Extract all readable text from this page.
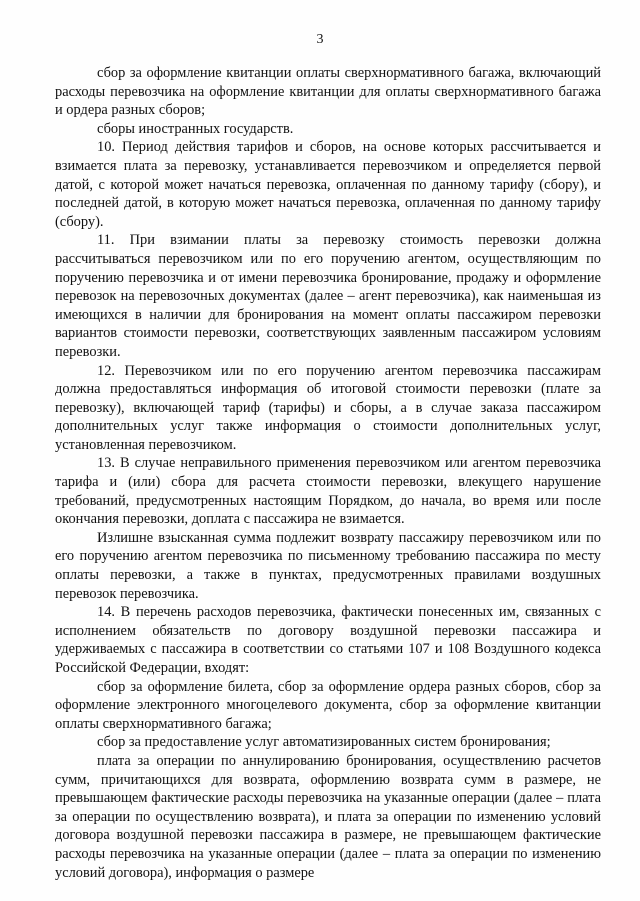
3

сбор за оформление квитанции оплаты сверхнормативного багажа, включающий расходы перевозчика на оформление квитанции для оплаты сверхнормативного багажа и ордера разных сборов;

сборы иностранных государств.

10. Период действия тарифов и сборов, на основе которых рассчитывается и взимается плата за перевозку, устанавливается перевозчиком и определяется первой датой, с которой может начаться перевозка, оплаченная по данному тарифу (сбору), и последней датой, в которую может начаться перевозка, оплаченная по данному тарифу (сбору).

11. При взимании платы за перевозку стоимость перевозки должна рассчитываться перевозчиком или по его поручению агентом, осуществляющим по поручению перевозчика и от имени перевозчика бронирование, продажу и оформление перевозок на перевозочных документах (далее – агент перевозчика), как наименьшая из имеющихся в наличии для бронирования на момент оплаты пассажиром перевозки вариантов стоимости перевозки, соответствующих заявленным пассажиром условиям перевозки.

12. Перевозчиком или по его поручению агентом перевозчика пассажирам должна предоставляться информация об итоговой стоимости перевозки (плате за перевозку), включающей тариф (тарифы) и сборы, а в случае заказа пассажиром дополнительных услуг также информация о стоимости дополнительных услуг, установленная перевозчиком.

13. В случае неправильного применения перевозчиком или агентом перевозчика тарифа и (или) сбора для расчета стоимости перевозки, влекущего нарушение требований, предусмотренных настоящим Порядком, до начала, во время или после окончания перевозки, доплата с пассажира не взимается.

Излишне взысканная сумма подлежит возврату пассажиру перевозчиком или по его поручению агентом перевозчика по письменному требованию пассажира по месту оплаты перевозки, а также в пунктах, предусмотренных правилами воздушных перевозок перевозчика.

14. В перечень расходов перевозчика, фактически понесенных им, связанных с исполнением обязательств по договору воздушной перевозки пассажира и удерживаемых с пассажира в соответствии со статьями 107 и 108 Воздушного кодекса Российской Федерации, входят:

сбор за оформление билета, сбор за оформление ордера разных сборов, сбор за оформление электронного многоцелевого документа, сбор за оформление квитанции оплаты сверхнормативного багажа;

сбор за предоставление услуг автоматизированных систем бронирования;

плата за операции по аннулированию бронирования, осуществлению расчетов сумм, причитающихся для возврата, оформлению возврата сумм в размере, не превышающем фактические расходы перевозчика на указанные операции (далее – плата за операции по осуществлению возврата), и плата за операции по изменению условий договора воздушной перевозки пассажира в размере, не превышающем фактические расходы перевозчика на указанные операции (далее – плата за операции по изменению условий договора), информация о размере
